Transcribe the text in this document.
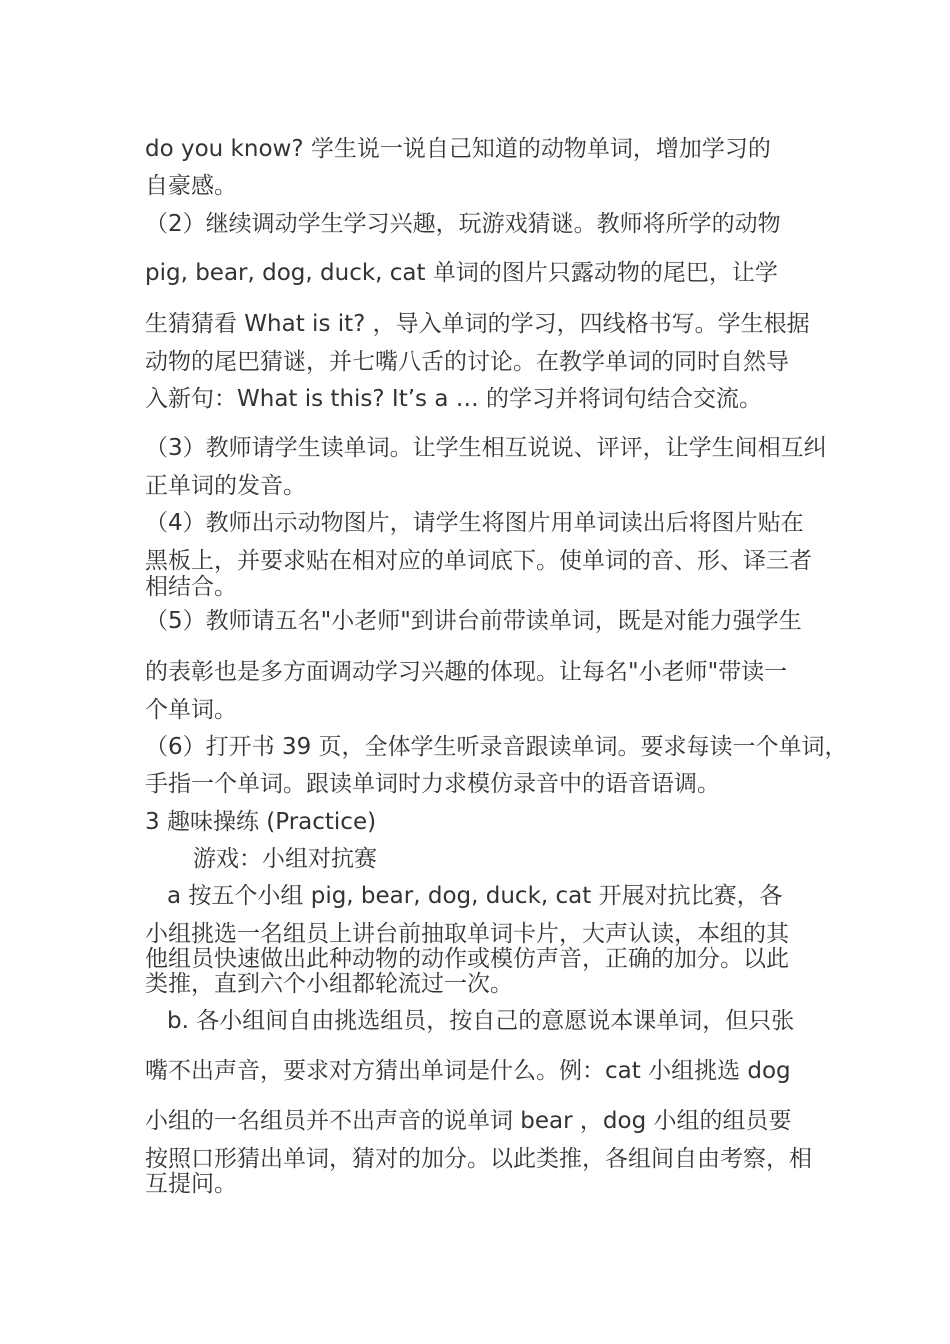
do you know? 学生说一说自己知道的动物单词，增加学习的
自豪感。
（2）继续调动学生学习兴趣，玩游戏猜谜。教师将所学的动物
pig, bear, dog, duck, cat 单词的图片只露动物的尾巴，让学
生猜猜看 What is it? ，导入单词的学习，四线格书写。学生根据
动物的尾巴猜谜，并七嘴八舌的讨论。在教学单词的同时自然导
入新句：What is this? It’s a … 的学习并将词句结合交流。
（3）教师请学生读单词。让学生相互说说、评评，让学生间相互纠
正单词的发音。
（4）教师出示动物图片，请学生将图片用单词读出后将图片贴在
黑板上，并要求贴在相对应的单词底下。使单词的音、形、译三者
相结合。
（5）教师请五名"小老师"到讲台前带读单词，既是对能力强学生
的表彰也是多方面调动学习兴趣的体现。让每名"小老师"带读一
个单词。
（6）打开书 39 页，全体学生听录音跟读单词。要求每读一个单词，
手指一个单词。跟读单词时力求模仿录音中的语音语调。
3 趣味操练 (Practice)
游戏：小组对抗赛
a 按五个小组 pig, bear, dog, duck, cat 开展对抗比赛，各
小组挑选一名组员上讲台前抽取单词卡片，大声认读，本组的其
他组员快速做出此种动物的动作或模仿声音，正确的加分。以此
类推，直到六个小组都轮流过一次。
b. 各小组间自由挑选组员，按自己的意愿说本课单词，但只张
嘴不出声音，要求对方猜出单词是什么。例：cat 小组挑选 dog
小组的一名组员并不出声音的说单词 bear ，dog 小组的组员要
按照口形猜出单词，猜对的加分。以此类推，各组间自由考察，相
互提问。
